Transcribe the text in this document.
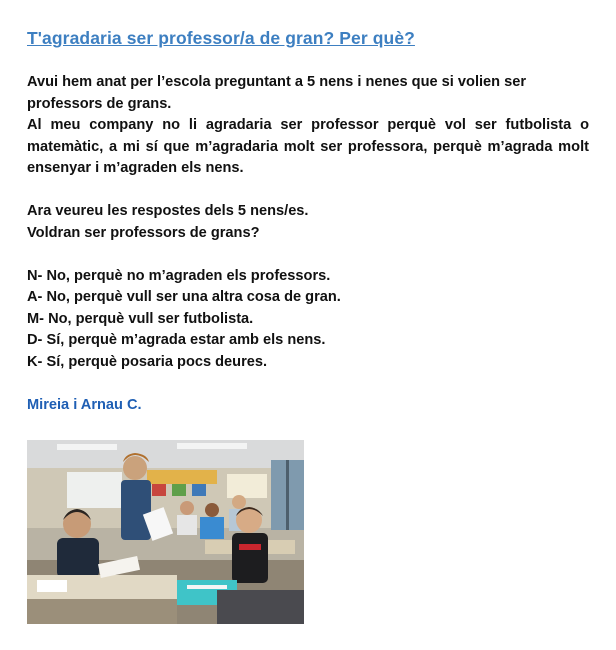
T'agradaria ser professor/a de gran? Per què?

Avui hem anat per l’escola preguntant a 5 nens i nenes que si volien ser professors de grans.

Al meu company no li agradaria ser professor perquè vol ser futbolista o matemàtic, a mi sí que m’agradaria molt ser professora, perquè m’agrada molt ensenyar i m’agraden els nens.

Ara veureu les respostes dels 5 nens/es.

Voldran ser professors de grans?

N- No, perquè no m’agraden els professors.

A- No, perquè vull ser una altra cosa de gran.

M- No, perquè vull ser futbolista.

D- Sí, perquè m’agrada estar amb els nens.

K- Sí, perquè posaria pocs deures.

Mireia i Arnau C.
